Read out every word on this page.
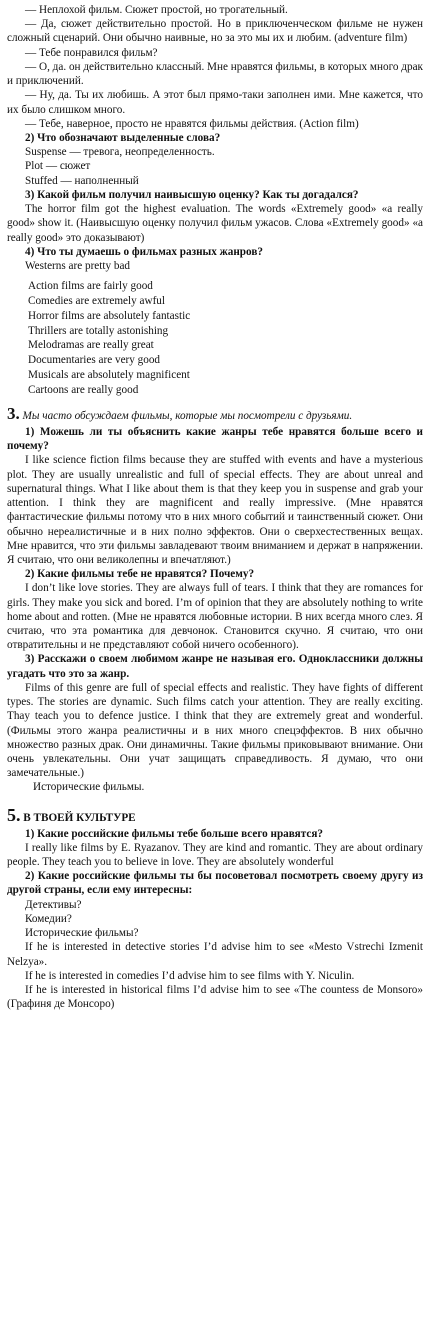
— Неплохой фильм. Сюжет простой, но трогательный.

— Да, сюжет действительно простой. Но в приключенческом фильме не нужен сложный сценарий. Они обычно наивные, но за это мы их и любим. (adventure film)

— Тебе понравился фильм?

— О, да. он действительно классный. Мне нравятся фильмы, в которых много драк и приключений.

— Ну, да. Ты их любишь. А этот был прямо-таки заполнен ими. Мне кажется, что их было слишком много.

— Тебе, наверное, просто не нравятся фильмы действия. (Action film)

2) Что обозначают выделенные слова?

Suspense — тревога, неопределенность.

Plot — сюжет

Stuffed — наполненный

3) Какой фильм получил наивысшую оценку? Как ты догадался?

The horror film got the highest evaluation. The words «Extremely good» «a really good» show it. (Наивысшую оценку получил фильм ужасов. Слова «Extremely good» «a really good» это доказывают)

4) Что ты думаешь о фильмах разных жанров?

Westerns are pretty bad

Action films are fairly good
Comedies are extremely awful
Horror films are absolutely fantastic
Thrillers are totally astonishing
Melodramas are really great
Documentaries are very good
Musicals are absolutely magnificent
Cartoons are really good

3. Мы часто обсуждаем фильмы, которые мы посмотрели с друзьями.

1) Можешь ли ты объяснить какие жанры тебе нравятся больше всего и почему?

I like science fiction films because they are stuffed with events and have a mysterious plot. They are usually unrealistic and full of special effects. They are about unreal and supernatural things. What I like about them is that they keep you in suspense and grab your attention. I think they are magnificent and really impressive. (Мне нравятся фантастические фильмы потому что в них много событий и таинственный сюжет. Они обычно нереалистичные и в них полно эффектов. Они о сверхестественных вещах. Мне нравится, что эти фильмы завладевают твоим вниманием и держат в напряжении. Я считаю, что они великолепны и впечатляют.)

2) Какие фильмы тебе не нравятся? Почему?

I don’t like love stories. They are always full of tears. I think that they are romances for girls. They make you sick and bored. I’m of opinion that they are absolutely nothing to write home about and rotten. (Мне не нравятся любовные истории. В них всегда много слез. Я считаю, что эта романтика для девчонок. Становится скучно. Я считаю, что они отвратительны и не представляют собой ничего особенного).

3) Расскажи о своем любимом жанре не называя его. Одноклассники должны угадать что это за жанр.

Films of this genre are full of special effects and realistic. They have fights of different types. The stories are dynamic. Such films catch your attention. They are really exciting. Thay teach you to defence justice. I think that they are extremely great and wonderful. (Фильмы этого жанра реалистичны и в них много спецэффектов. В них обычно множество разных драк. Они динамичны. Такие фильмы приковывают внимание. Они очень увлекательны. Они учат защищать справедливость. Я думаю, что они замечательные.)

Исторические фильмы.

5. В ТВОЕЙ КУЛЬТУРЕ

1) Какие российские фильмы тебе больше всего нравятся?

I really like films by E. Ryazanov. They are kind and romantic. They are about ordinary people. They teach you to believe in love. They are absolutely wonderful

2) Какие российские фильмы ты бы посоветовал посмотреть своему другу из другой страны, если ему интересны:

Детективы?

Комедии?

Исторические фильмы?

If he is interested in detective stories I’d advise him to see «Mesto Vstrechi Izmenit Nelzya».

If he is interested in comedies I’d advise him to see films with Y. Niculin.

If he is interested in historical films I’d advise him to see «The countess de Monsoro» (Графиня де Монсоро)
